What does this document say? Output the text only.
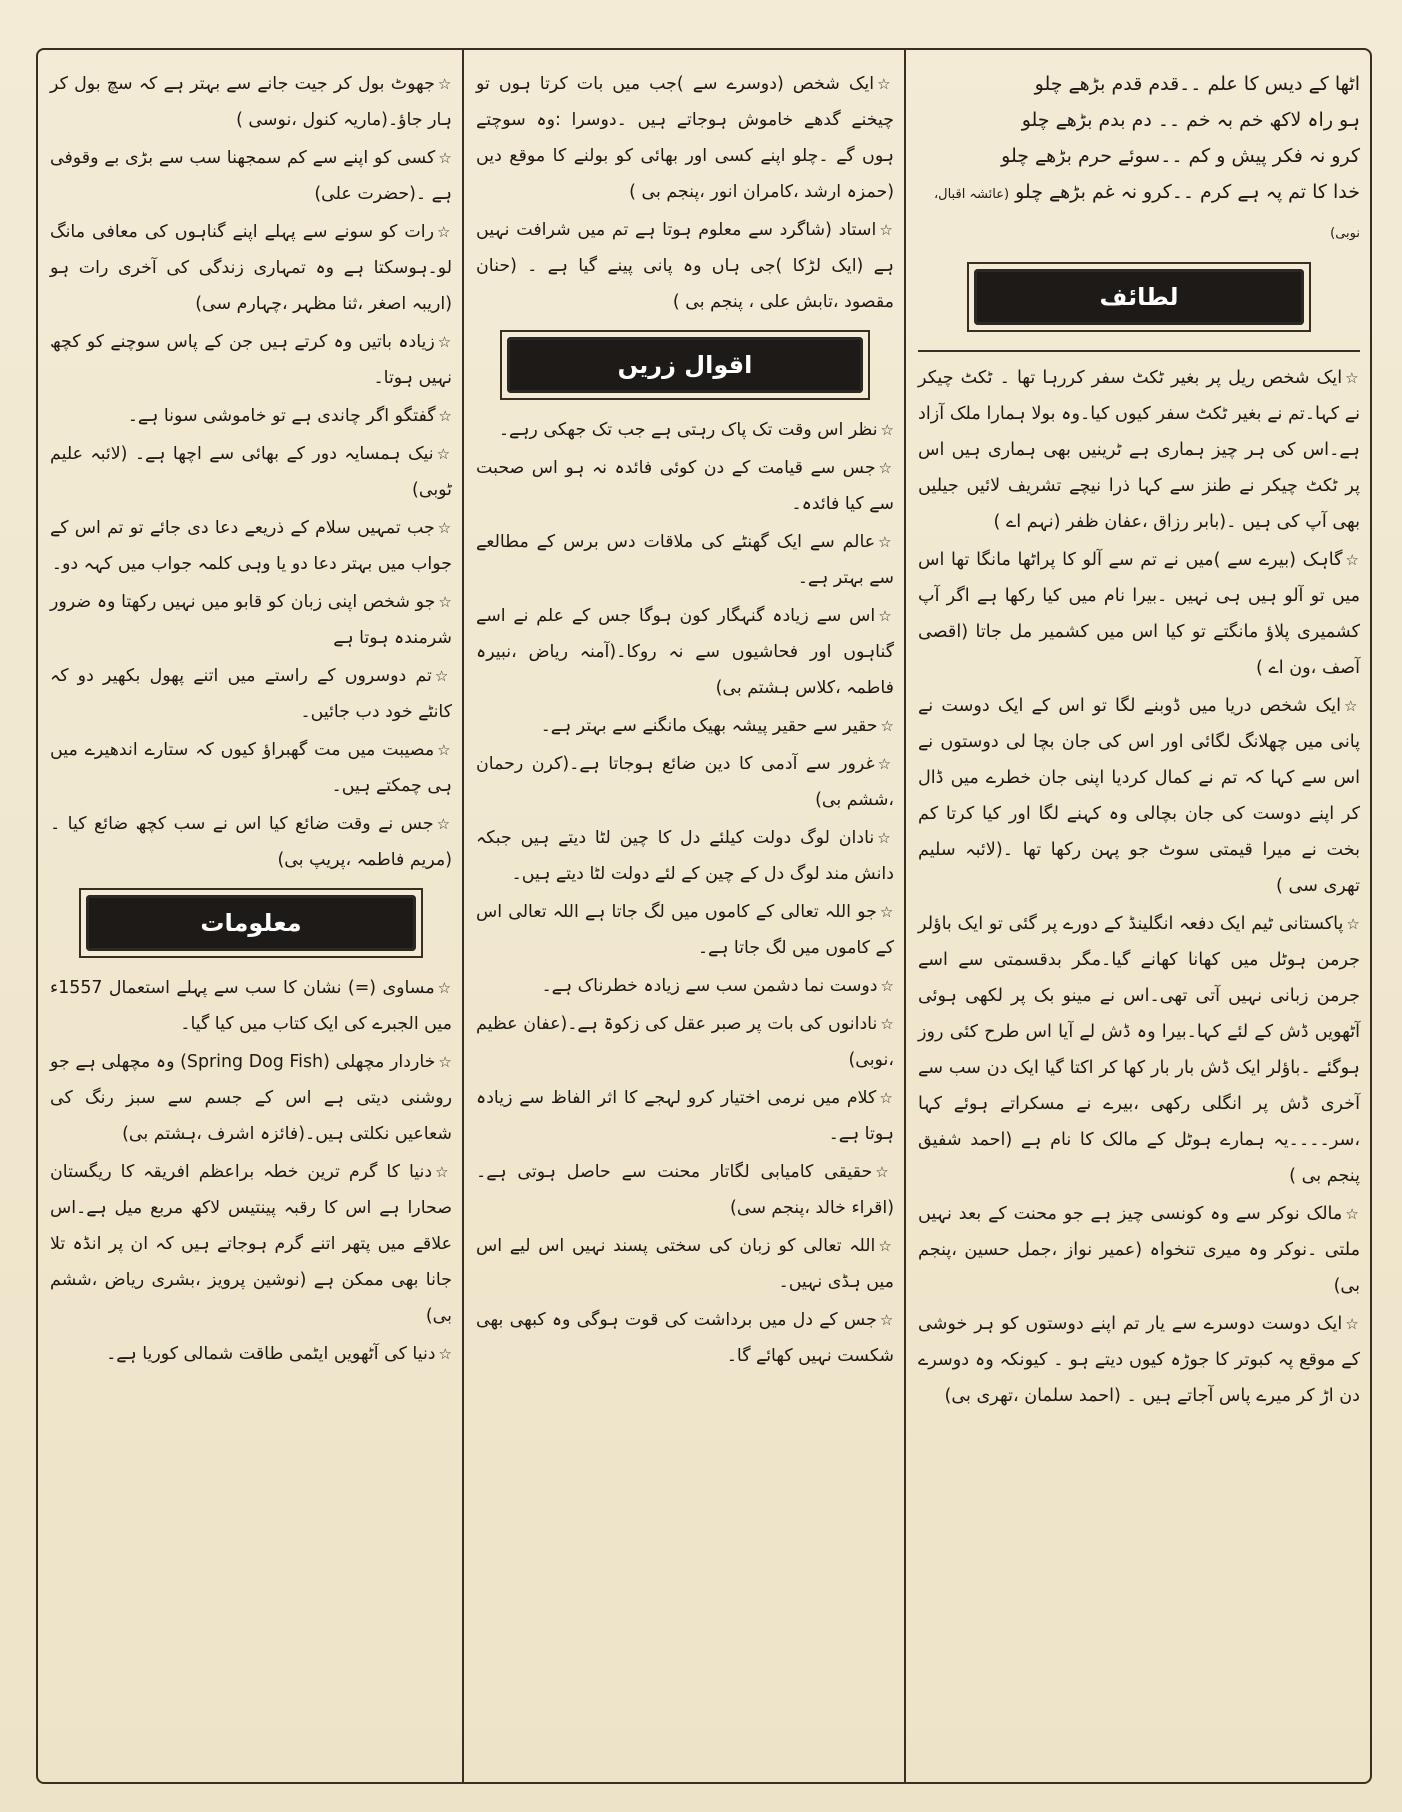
اٹھا کے دیس کا علم ۔۔قدم قدم بڑھے چلو
ہو راہ لاکھ خم بہ خم ۔۔ دم بدم بڑھے چلو
کرو نہ فکر پیش و کم ۔۔سوئے حرم بڑھے چلو
خدا کا تم پہ ہے کرم ۔۔کرو نہ غم بڑھے چلو (عائشہ اقبال، نوبی)
لطائف

☆ایک شخص ریل پر بغیر ٹکٹ سفر کررہا تھا ۔ ٹکٹ چیکر نے کہا۔تم نے بغیر ٹکٹ سفر کیوں کیا۔وہ بولا ہمارا ملک آزاد ہے۔اس کی ہر چیز ہماری ہے ٹرینیں بھی ہماری ہیں اس پر ٹکٹ چیکر نے طنز سے کہا ذرا نیچے تشریف لائیں جیلیں بھی آپ کی ہیں ۔(بابر رزاق ،عفان ظفر (نہم اے )

☆گاہک (بیرے سے )میں نے تم سے آلو کا پراٹھا مانگا تھا اس میں تو آلو ہیں ہی نہیں ۔بیرا نام میں کیا رکھا ہے اگر آپ کشمیری پلاؤ مانگتے تو کیا اس میں کشمیر مل جاتا (اقصی آصف ،ون اے )

☆ایک شخص دریا میں ڈوبنے لگا تو اس کے ایک دوست نے پانی میں چھلانگ لگائی اور اس کی جان بچا لی دوستوں نے اس سے کہا کہ تم نے کمال کردیا اپنی جان خطرے میں ڈال کر اپنے دوست کی جان بچالی وہ کہنے لگا اور کیا کرتا کم بخت نے میرا قیمتی سوٹ جو پہن رکھا تھا ۔(لائبہ سلیم تھری سی )

☆پاکستانی ٹیم ایک دفعہ انگلینڈ کے دورے پر گئی تو ایک باؤلر جرمن ہوٹل میں کھانا کھانے گیا۔مگر بدقسمتی سے اسے جرمن زبانی نہیں آتی تھی۔اس نے مینو بک پر لکھی ہوئی آٹھویں ڈش کے لئے کہا۔بیرا وہ ڈش لے آیا اس طرح کئی روز ہوگئے ۔باؤلر ایک ڈش بار بار کھا کر اکتا گیا ایک دن سب سے آخری ڈش پر انگلی رکھی ،بیرے نے مسکراتے ہوئے کہا ،سر۔۔۔۔یہ ہمارے ہوٹل کے مالک کا نام ہے (احمد شفیق پنجم بی )

☆مالک نوکر سے وہ کونسی چیز ہے جو محنت کے بعد نہیں ملتی ۔نوکر وہ میری تنخواہ (عمیر نواز ،جمل حسین ،پنجم بی)

☆ایک دوست دوسرے سے یار تم اپنے دوستوں کو ہر خوشی کے موقع پہ کبوتر کا جوڑہ کیوں دیتے ہو ۔ کیونکہ وہ دوسرے دن اڑ کر میرے پاس آجاتے ہیں ۔ (احمد سلمان ،تھری بی)

☆ایک شخص (دوسرے سے )جب میں بات کرتا ہوں تو چیخنے گدھے خاموش ہوجاتے ہیں ۔دوسرا :وہ سوچتے ہوں گے ۔چلو اپنے کسی اور بھائی کو بولنے کا موقع دیں (حمزہ ارشد ،کامران انور ،پنجم بی )

☆استاد (شاگرد سے معلوم ہوتا ہے تم میں شرافت نہیں ہے (ایک لڑکا )جی ہاں وہ پانی پینے گیا ہے ۔ (حنان مقصود ،تابش علی ، پنجم بی )

اقوال زریں

☆نظر اس وقت تک پاک رہتی ہے جب تک جھکی رہے۔

☆جس سے قیامت کے دن کوئی فائدہ نہ ہو اس صحبت سے کیا فائدہ۔

☆عالم سے ایک گھنٹے کی ملاقات دس برس کے مطالعے سے بہتر ہے۔

☆اس سے زیادہ گنہگار کون ہوگا جس کے علم نے اسے گناہوں اور فحاشیوں سے نہ روکا۔(آمنہ ریاض ،نبیرہ فاطمہ ،کلاس ہشتم بی)

☆حقیر سے حقیر پیشہ بھیک مانگنے سے بہتر ہے۔

☆غرور سے آدمی کا دین ضائع ہوجاتا ہے۔(کرن رحمان ،ششم بی)

☆نادان لوگ دولت کیلئے دل کا چین لٹا دیتے ہیں جبکہ دانش مند لوگ دل کے چین کے لئے دولت لٹا دیتے ہیں۔

☆جو اللہ تعالی کے کاموں میں لگ جاتا ہے اللہ تعالی اس کے کاموں میں لگ جاتا ہے۔

☆دوست نما دشمن سب سے زیادہ خطرناک ہے۔

☆نادانوں کی بات پر صبر عقل کی زکوۃ ہے۔(عفان عظیم ،نوبی)

☆کلام میں نرمی اختیار کرو لہجے کا اثر الفاظ سے زیادہ ہوتا ہے۔

☆حقیقی کامیابی لگاتار محنت سے حاصل ہوتی ہے۔ (اقراء خالد ،پنجم سی)

☆اللہ تعالی کو زبان کی سختی پسند نہیں اس لیے اس میں ہڈی نہیں۔

☆جس کے دل میں برداشت کی قوت ہوگی وہ کبھی بھی شکست نہیں کھائے گا۔

☆جھوٹ بول کر جیت جانے سے بہتر ہے کہ سچ بول کر ہار جاؤ۔(ماریہ کنول ،نوسی )

☆کسی کو اپنے سے کم سمجھنا سب سے بڑی بے وقوفی ہے ۔(حضرت علی)

☆رات کو سونے سے پہلے اپنے گناہوں کی معافی مانگ لو۔ہوسکتا ہے وہ تمہاری زندگی کی آخری رات ہو (اریبہ اصغر ،ثنا مظہر ،چہارم سی)

☆زیادہ باتیں وہ کرتے ہیں جن کے پاس سوچنے کو کچھ نہیں ہوتا۔

☆گفتگو اگر چاندی ہے تو خاموشی سونا ہے۔

☆نیک ہمسایہ دور کے بھائی سے اچھا ہے۔ (لائبہ علیم ٹوبی)

☆جب تمہیں سلام کے ذریعے دعا دی جائے تو تم اس کے جواب میں بہتر دعا دو یا وہی کلمہ جواب میں کہہ دو۔

☆جو شخص اپنی زبان کو قابو میں نہیں رکھتا وہ ضرور شرمندہ ہوتا ہے

☆تم دوسروں کے راستے میں اتنے پھول بکھیر دو کہ کانٹے خود دب جائیں۔

☆مصیبت میں مت گھبراؤ کیوں کہ ستارے اندھیرے میں ہی چمکتے ہیں۔

☆جس نے وقت ضائع کیا اس نے سب کچھ ضائع کیا ۔(مریم فاطمہ ،پریپ بی)

معلومات

☆مساوی (=) نشان کا سب سے پہلے استعمال 1557ء میں الجبرے کی ایک کتاب میں کیا گیا۔

☆خاردار مچھلی (Spring Dog Fish) وہ مچھلی ہے جو روشنی دیتی ہے اس کے جسم سے سبز رنگ کی شعاعیں نکلتی ہیں۔(فائزہ اشرف ،ہشتم بی)

☆دنیا کا گرم ترین خطہ براعظم افریقہ کا ریگستان صحارا ہے اس کا رقبہ پینتیس لاکھ مربع میل ہے۔اس علاقے میں پتھر اتنے گرم ہوجاتے ہیں کہ ان پر انڈہ تلا جانا بھی ممکن ہے (نوشین پرویز ،بشری ریاض ،ششم بی)

☆دنیا کی آٹھویں ایٹمی طاقت شمالی کوریا ہے۔
